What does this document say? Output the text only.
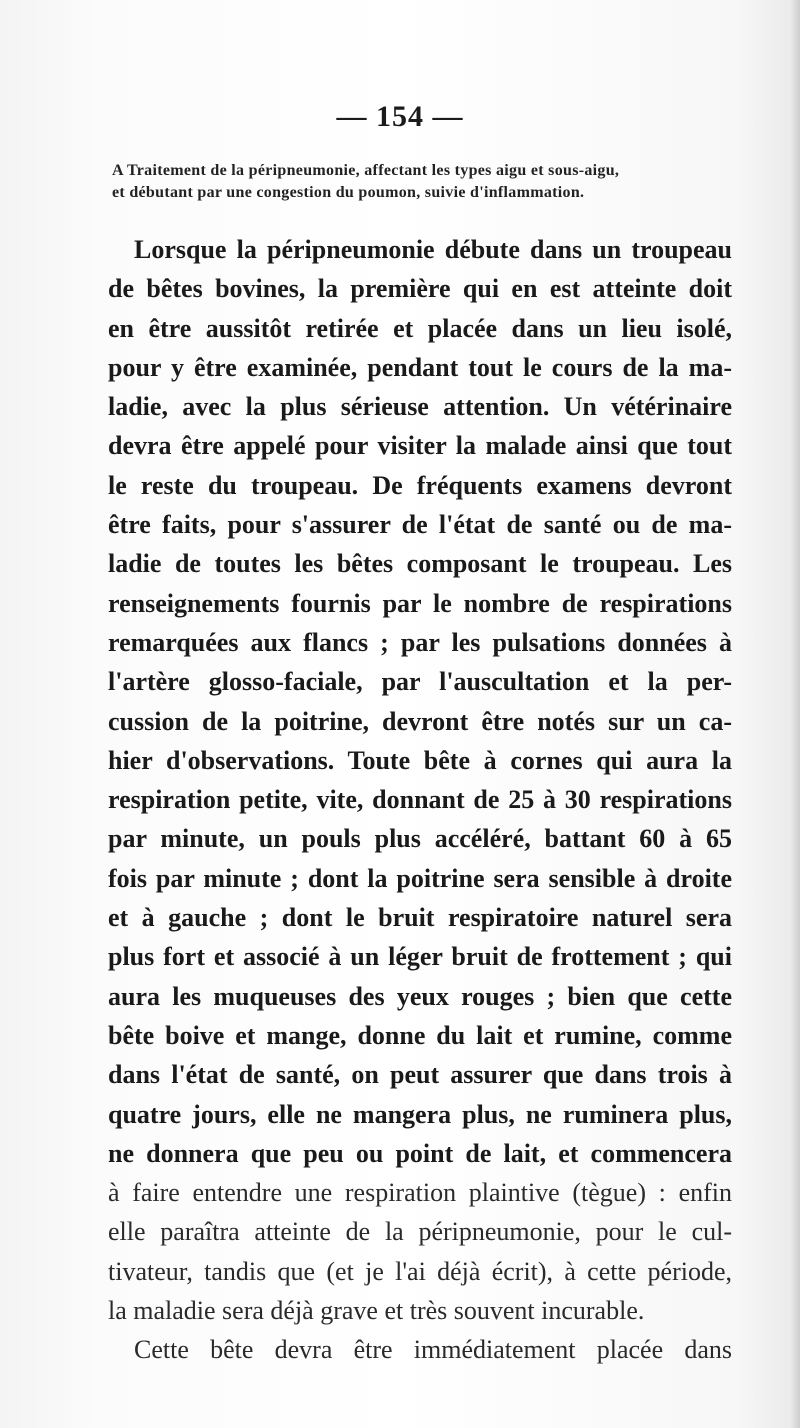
— 154 —
A Traitement de la péripneumonie, affectant les types aigu et sous-aigu,
et débutant par une congestion du poumon, suivie d'inflammation.
Lorsque la péripneumonie débute dans un troupeau
de bêtes bovines, la première qui en est atteinte doit
en être aussitôt retirée et placée dans un lieu isolé,
pour y être examinée, pendant tout le cours de la ma-
ladie, avec la plus sérieuse attention. Un vétérinaire
devra être appelé pour visiter la malade ainsi que tout
le reste du troupeau. De fréquents examens devront
être faits, pour s'assurer de l'état de santé ou de ma-
ladie de toutes les bêtes composant le troupeau. Les
renseignements fournis par le nombre de respirations
remarquées aux flancs ; par les pulsations données à
l'artère glosso-faciale, par l'auscultation et la per-
cussion de la poitrine, devront être notés sur un ca-
hier d'observations. Toute bête à cornes qui aura la
respiration petite, vite, donnant de 25 à 30 respirations
par minute, un pouls plus accéléré, battant 60 à 65
fois par minute ; dont la poitrine sera sensible à droite
et à gauche ; dont le bruit respiratoire naturel sera
plus fort et associé à un léger bruit de frottement ; qui
aura les muqueuses des yeux rouges ; bien que cette
bête boive et mange, donne du lait et rumine, comme
dans l'état de santé, on peut assurer que dans trois à
quatre jours, elle ne mangera plus, ne ruminera plus,
ne donnera que peu ou point de lait, et commencera
à faire entendre une respiration plaintive (tègue) : enfin
elle paraîtra atteinte de la péripneumonie, pour le cul-
tivateur, tandis que (et je l'ai déjà écrit), à cette période,
la maladie sera déjà grave et très souvent incurable.
Cette bête devra être immédiatement placée dans
